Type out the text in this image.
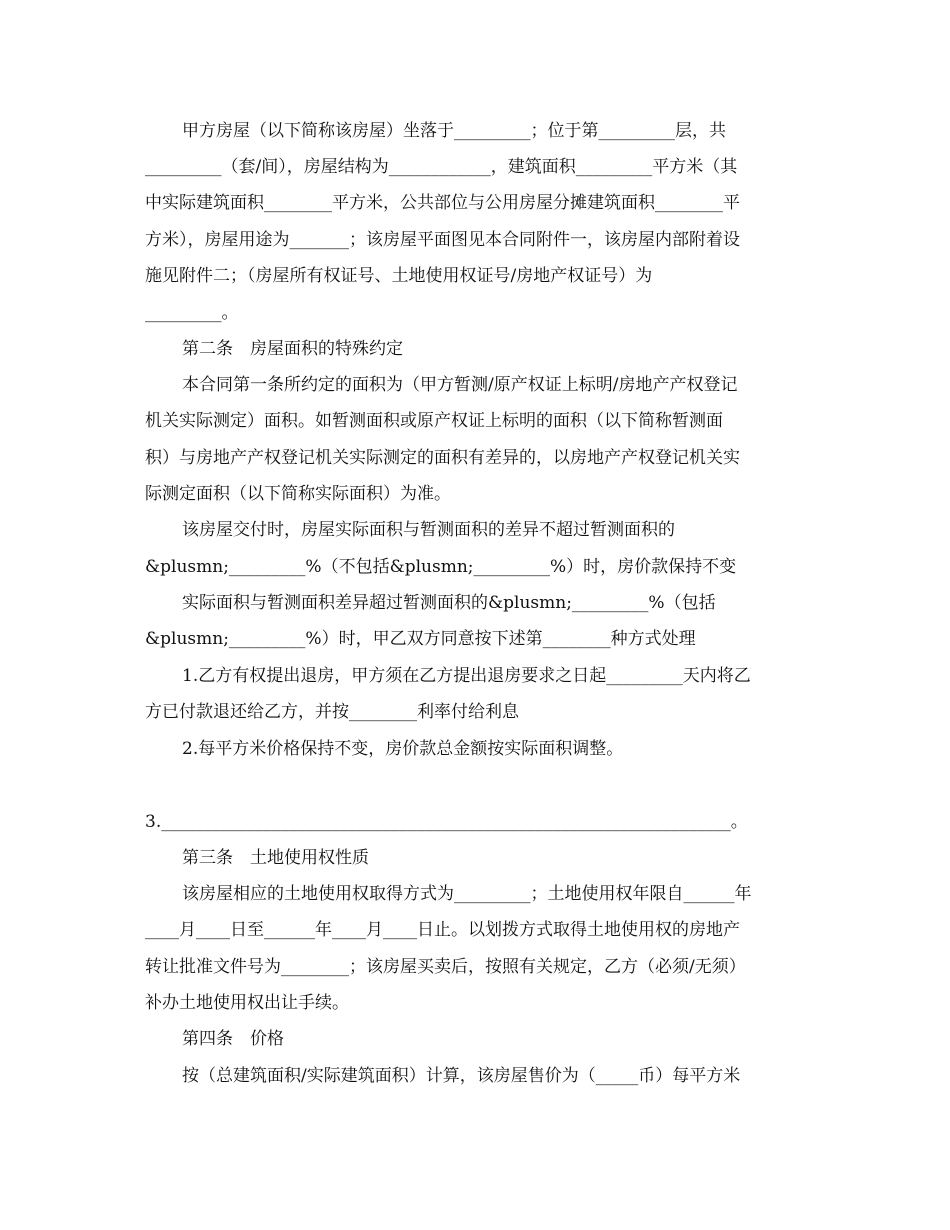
甲方房屋（以下简称该房屋）坐落于_________；位于第_________层，共
_________（套/间），房屋结构为____________，建筑面积_________平方米（其
中实际建筑面积________平方米，公共部位与公用房屋分摊建筑面积________平
方米），房屋用途为_______；该房屋平面图见本合同附件一，该房屋内部附着设
施见附件二；（房屋所有权证号、土地使用权证号/房地产权证号）为
_________。
第二条　房屋面积的特殊约定
本合同第一条所约定的面积为（甲方暂测/原产权证上标明/房地产产权登记
机关实际测定）面积。如暂测面积或原产权证上标明的面积（以下简称暂测面
积）与房地产产权登记机关实际测定的面积有差异的，以房地产产权登记机关实
际测定面积（以下简称实际面积）为准。
该房屋交付时，房屋实际面积与暂测面积的差异不超过暂测面积的
&plusmn;_________%（不包括&plusmn;_________%）时，房价款保持不变
实际面积与暂测面积差异超过暂测面积的&plusmn;_________%（包括
&plusmn;_________%）时，甲乙双方同意按下述第________种方式处理
1.乙方有权提出退房，甲方须在乙方提出退房要求之日起_________天内将乙
方已付款退还给乙方，并按________利率付给利息
2.每平方米价格保持不变，房价款总金额按实际面积调整。
3.___________________________________________________________________。
第三条　土地使用权性质
该房屋相应的土地使用权取得方式为_________；土地使用权年限自______年
____月____日至______年____月____日止。以划拨方式取得土地使用权的房地产
转让批准文件号为________；该房屋买卖后，按照有关规定，乙方（必须/无须）
补办土地使用权出让手续。
第四条　价格
按（总建筑面积/实际建筑面积）计算，该房屋售价为（_____币）每平方米
